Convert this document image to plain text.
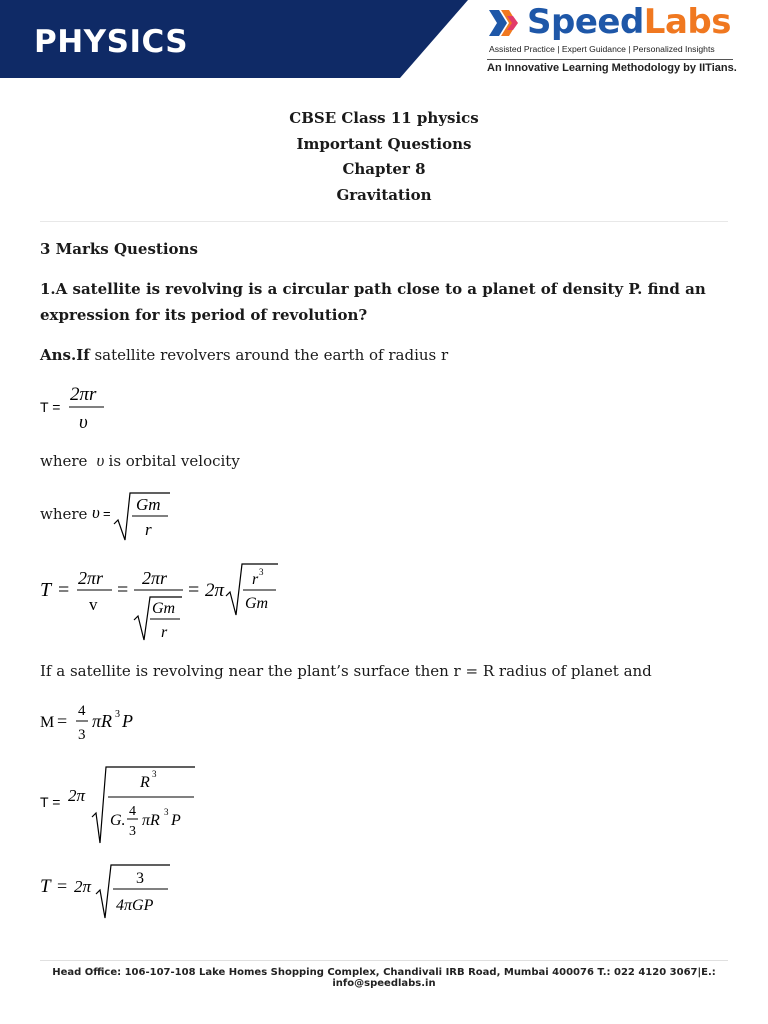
PHYSICS	SpeedLabs
Assisted Practice | Expert Guidance | Personalized Insights
An Innovative Learning Methodology by IITians.
CBSE Class 11 physics
Important Questions
Chapter 8
Gravitation
3 Marks Questions
1.A satellite is revolving is a circular path close to a planet of density P. find an
expression for its period of revolution?
Ans.If satellite revolvers around the earth of radius r
T =
2πr
υ
where  υ is orbital velocity
where υ = Gm
r
T =
2πr
v
=
2πr
Gm
r
= 2π
r 3
Gm
If a satellite is revolving near the plant’s surface then r = R radius of planet and
M = 4
3
πR 3 P
T = 2π
R 3
G.
4
3
πR 3 P
T = 2π	3
4πGP
Head Office: 106-107-108 Lake Homes Shopping Complex, Chandivali IRB Road, Mumbai 400076 T.: 022 4120 3067|E.: info@speedlabs.in
